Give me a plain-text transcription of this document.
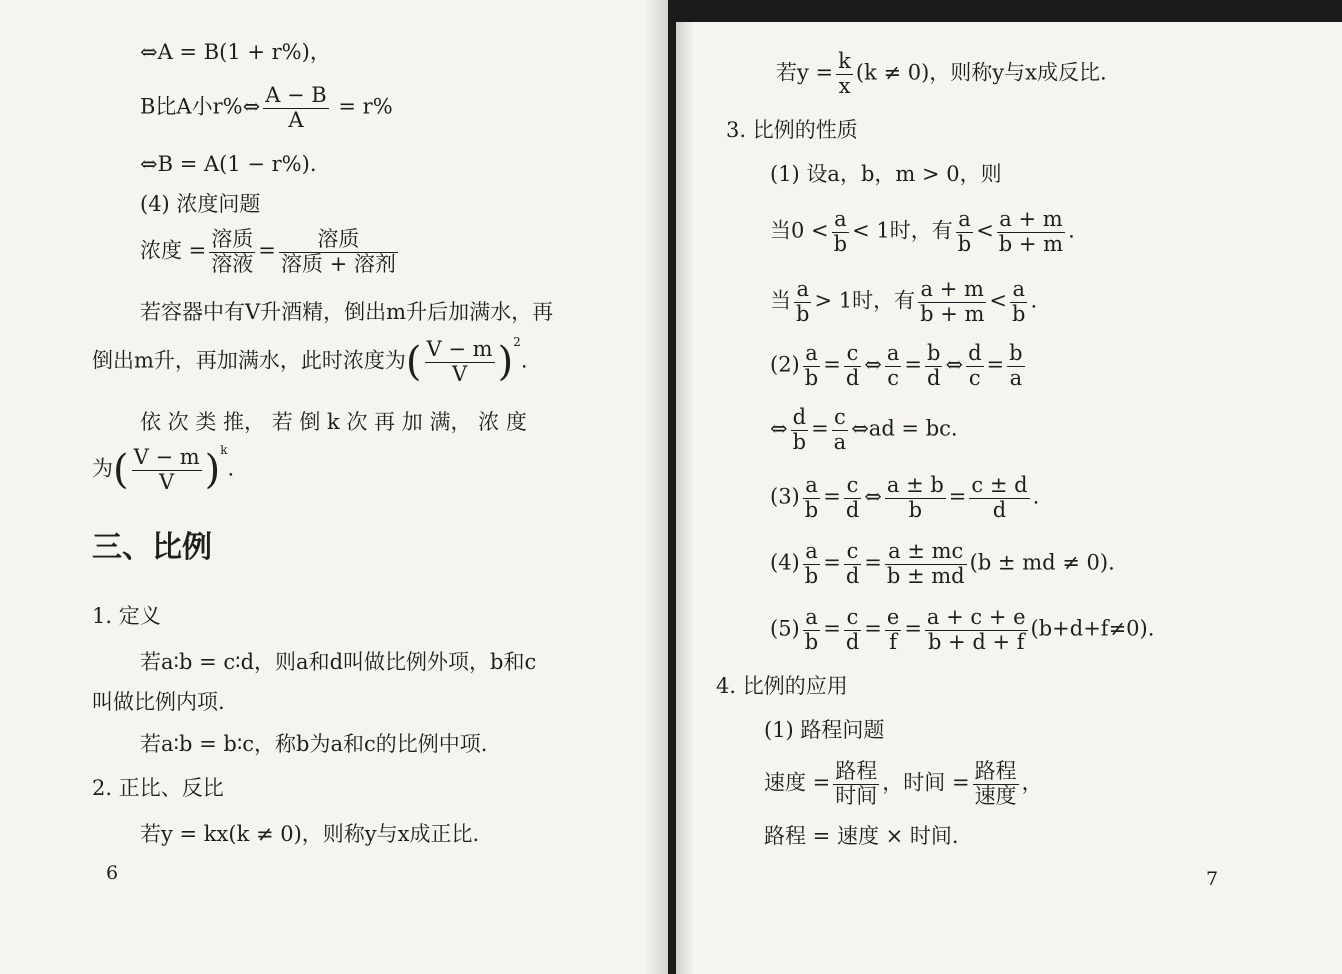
⇔A = B(1 + r%)，
B比A小r%⇔ $\frac{A - B}{A} = r\%$
⇔B = A(1 − r%).
(4) 浓度问题
浓度 = $\frac{\text{溶质}}{\text{溶液}} = \frac{\text{溶质}}{\text{溶质 + 溶剂}}$
若容器中有V升酒精，倒出m升后加满水，再
倒出m升，再加满水，此时浓度为( $\frac{V - m}{V} )^2$.
依 次 类 推， 若 倒 k 次 再 加 满， 浓 度
为( $\frac{V - m}{V} )^k$.
三、比例
1. 定义
若a∶b = c∶d，则a和d叫做比例外项，b和c
叫做比例内项.
若a∶b = b∶c，称b为a和c的比例中项.
2. 正比、反比
若y = kx(k ≠ 0)，则称y与x成正比.
6
若$y = \frac{k}{x} (k \ne 0)$，则称y与x成反比.
3. 比例的性质
(1) 设a，b，m > 0，则
当$0 < \frac{a}{b} < 1$时，有 $\frac{a}{b} < \frac{a + m}{b + m}$ .
当 $\frac{a}{b} > 1$时，有 $\frac{a + m}{b + m} < \frac{a}{b}$ .
$(2) \frac{a}{b} = \frac{c}{d}$ ⇔ $\frac{a}{c} = \frac{b}{d}$ ⇔ $\frac{d}{c} = \frac{b}{a}$
⇔ $\frac{d}{b} = \frac{c}{a}$ ⇔ad = bc.
$(3) \frac{a}{b} = \frac{c}{d}$ ⇔ $\frac{a \pm b}{b} = \frac{c \pm d}{d}$ .
$(4) \frac{a}{b} = \frac{c}{d} = \frac{a \pm mc}{b \pm md} (b$ ± md ≠ 0).
$(5) \frac{a}{b} = \frac{c}{d} = \frac{e}{f} = \frac{a + c + e}{b + d + f} (b+d+f\ne 0)$.
4. 比例的应用
(1) 路程问题
速度 = $\frac{\text{路程}}{\text{时间}}$ ，时间 = $\frac{\text{路程}}{\text{速度}}$ ，
路程 = 速度 × 时间.
7
